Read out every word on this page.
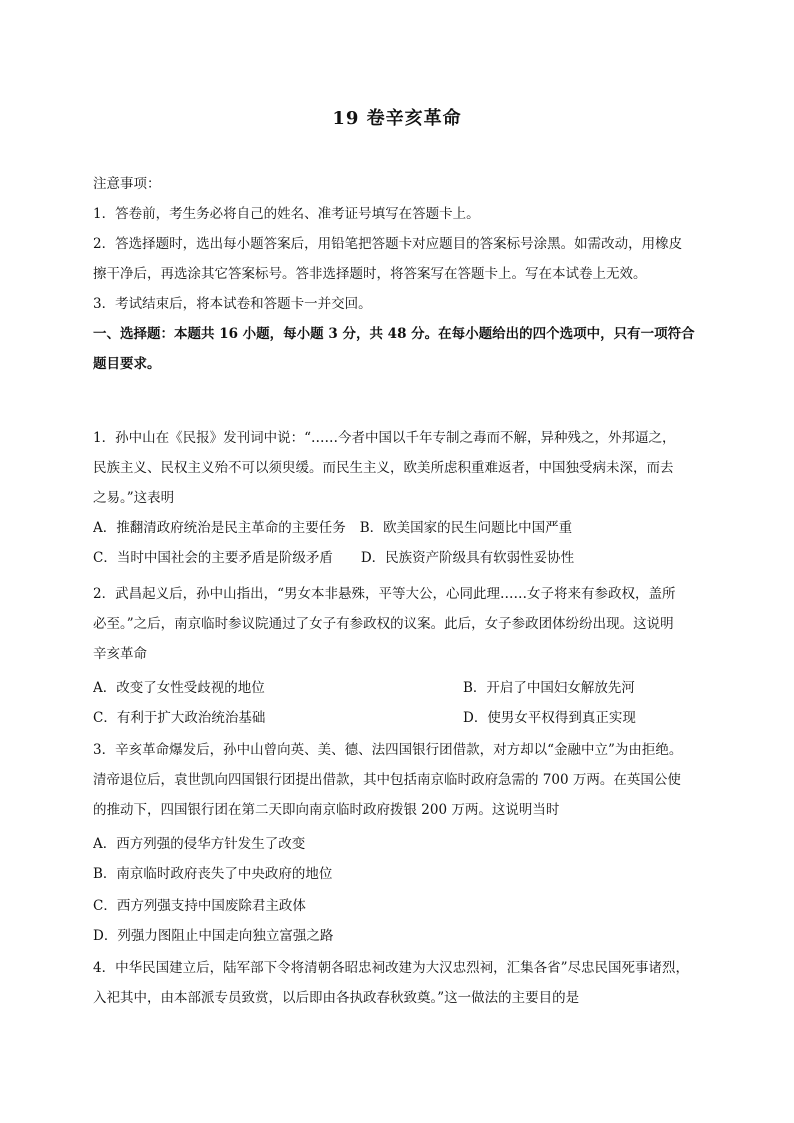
19 卷辛亥革命
注意事项：
1．答卷前，考生务必将自己的姓名、准考证号填写在答题卡上。
2．答选择题时，选出每小题答案后，用铅笔把答题卡对应题目的答案标号涂黑。如需改动，用橡皮
擦干净后，再选涂其它答案标号。答非选择题时，将答案写在答题卡上。写在本试卷上无效。
3．考试结束后，将本试卷和答题卡一并交回。
一、选择题：本题共 16 小题，每小题 3 分，共 48 分。在每小题给出的四个选项中，只有一项符合
题目要求。
1．孙中山在《民报》发刊词中说：“……今者中国以千年专制之毒而不解，异种残之，外邦逼之，
民族主义、民权主义殆不可以须臾缓。而民生主义，欧美所虑积重难返者，中国独受病未深，而去
之易。”这表明
A．推翻清政府统治是民主革命的主要任务 B．欧美国家的民生问题比中国严重
C．当时中国社会的主要矛盾是阶级矛盾 D．民族资产阶级具有软弱性妥协性
2．武昌起义后，孙中山指出，“男女本非悬殊，平等大公，心同此理……女子将来有参政权，盖所
必至。”之后，南京临时参议院通过了女子有参政权的议案。此后，女子参政团体纷纷出现。这说明
辛亥革命
A．改变了女性受歧视的地位	B．开启了中国妇女解放先河
C．有利于扩大政治统治基础	D．使男女平权得到真正实现
3．辛亥革命爆发后，孙中山曾向英、美、德、法四国银行团借款，对方却以“金融中立”为由拒绝。
清帝退位后，袁世凯向四国银行团提出借款，其中包括南京临时政府急需的 700 万两。在英国公使
的推动下，四国银行团在第二天即向南京临时政府拨银 200 万两。这说明当时
A．西方列强的侵华方针发生了改变
B．南京临时政府丧失了中央政府的地位
C．西方列强支持中国废除君主政体
D．列强力图阻止中国走向独立富强之路
4．中华民国建立后，陆军部下令将清朝各昭忠祠改建为大汉忠烈祠，汇集各省”尽忠民国死事诸烈，
入祀其中，由本部派专员致赏，以后即由各执政春秋致奠。”这一做法的主要目的是
